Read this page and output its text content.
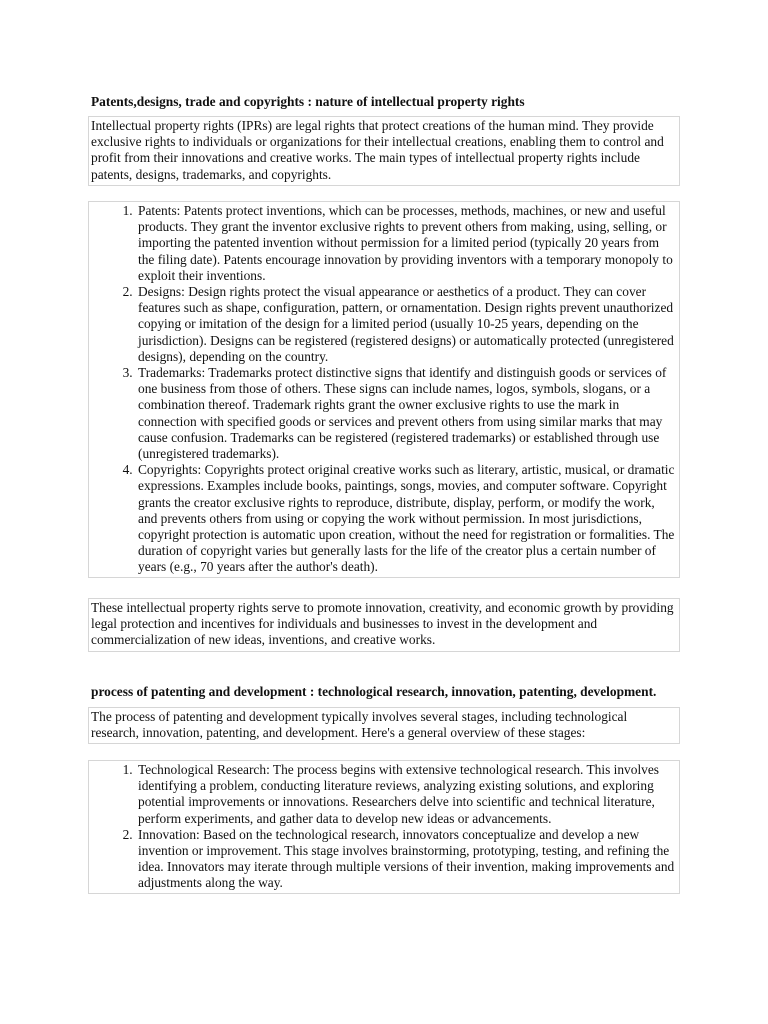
Patents,designs, trade and copyrights : nature of intellectual property rights

Intellectual property rights (IPRs) are legal rights that protect creations of the human mind. They provide exclusive rights to individuals or organizations for their intellectual creations, enabling them to control and profit from their innovations and creative works. The main types of intellectual property rights include patents, designs, trademarks, and copyrights.

1. Patents: Patents protect inventions, which can be processes, methods, machines, or new and useful products. They grant the inventor exclusive rights to prevent others from making, using, selling, or importing the patented invention without permission for a limited period (typically 20 years from the filing date). Patents encourage innovation by providing inventors with a temporary monopoly to exploit their inventions.
2. Designs: Design rights protect the visual appearance or aesthetics of a product. They can cover features such as shape, configuration, pattern, or ornamentation. Design rights prevent unauthorized copying or imitation of the design for a limited period (usually 10-25 years, depending on the jurisdiction). Designs can be registered (registered designs) or automatically protected (unregistered designs), depending on the country.
3. Trademarks: Trademarks protect distinctive signs that identify and distinguish goods or services of one business from those of others. These signs can include names, logos, symbols, slogans, or a combination thereof. Trademark rights grant the owner exclusive rights to use the mark in connection with specified goods or services and prevent others from using similar marks that may cause confusion. Trademarks can be registered (registered trademarks) or established through use (unregistered trademarks).
4. Copyrights: Copyrights protect original creative works such as literary, artistic, musical, or dramatic expressions. Examples include books, paintings, songs, movies, and computer software. Copyright grants the creator exclusive rights to reproduce, distribute, display, perform, or modify the work, and prevents others from using or copying the work without permission. In most jurisdictions, copyright protection is automatic upon creation, without the need for registration or formalities. The duration of copyright varies but generally lasts for the life of the creator plus a certain number of years (e.g., 70 years after the author's death).

These intellectual property rights serve to promote innovation, creativity, and economic growth by providing legal protection and incentives for individuals and businesses to invest in the development and commercialization of new ideas, inventions, and creative works.

process of patenting and development : technological research, innovation, patenting, development.

The process of patenting and development typically involves several stages, including technological research, innovation, patenting, and development. Here's a general overview of these stages:

1. Technological Research: The process begins with extensive technological research. This involves identifying a problem, conducting literature reviews, analyzing existing solutions, and exploring potential improvements or innovations. Researchers delve into scientific and technical literature, perform experiments, and gather data to develop new ideas or advancements.
2. Innovation: Based on the technological research, innovators conceptualize and develop a new invention or improvement. This stage involves brainstorming, prototyping, testing, and refining the idea. Innovators may iterate through multiple versions of their invention, making improvements and adjustments along the way.
